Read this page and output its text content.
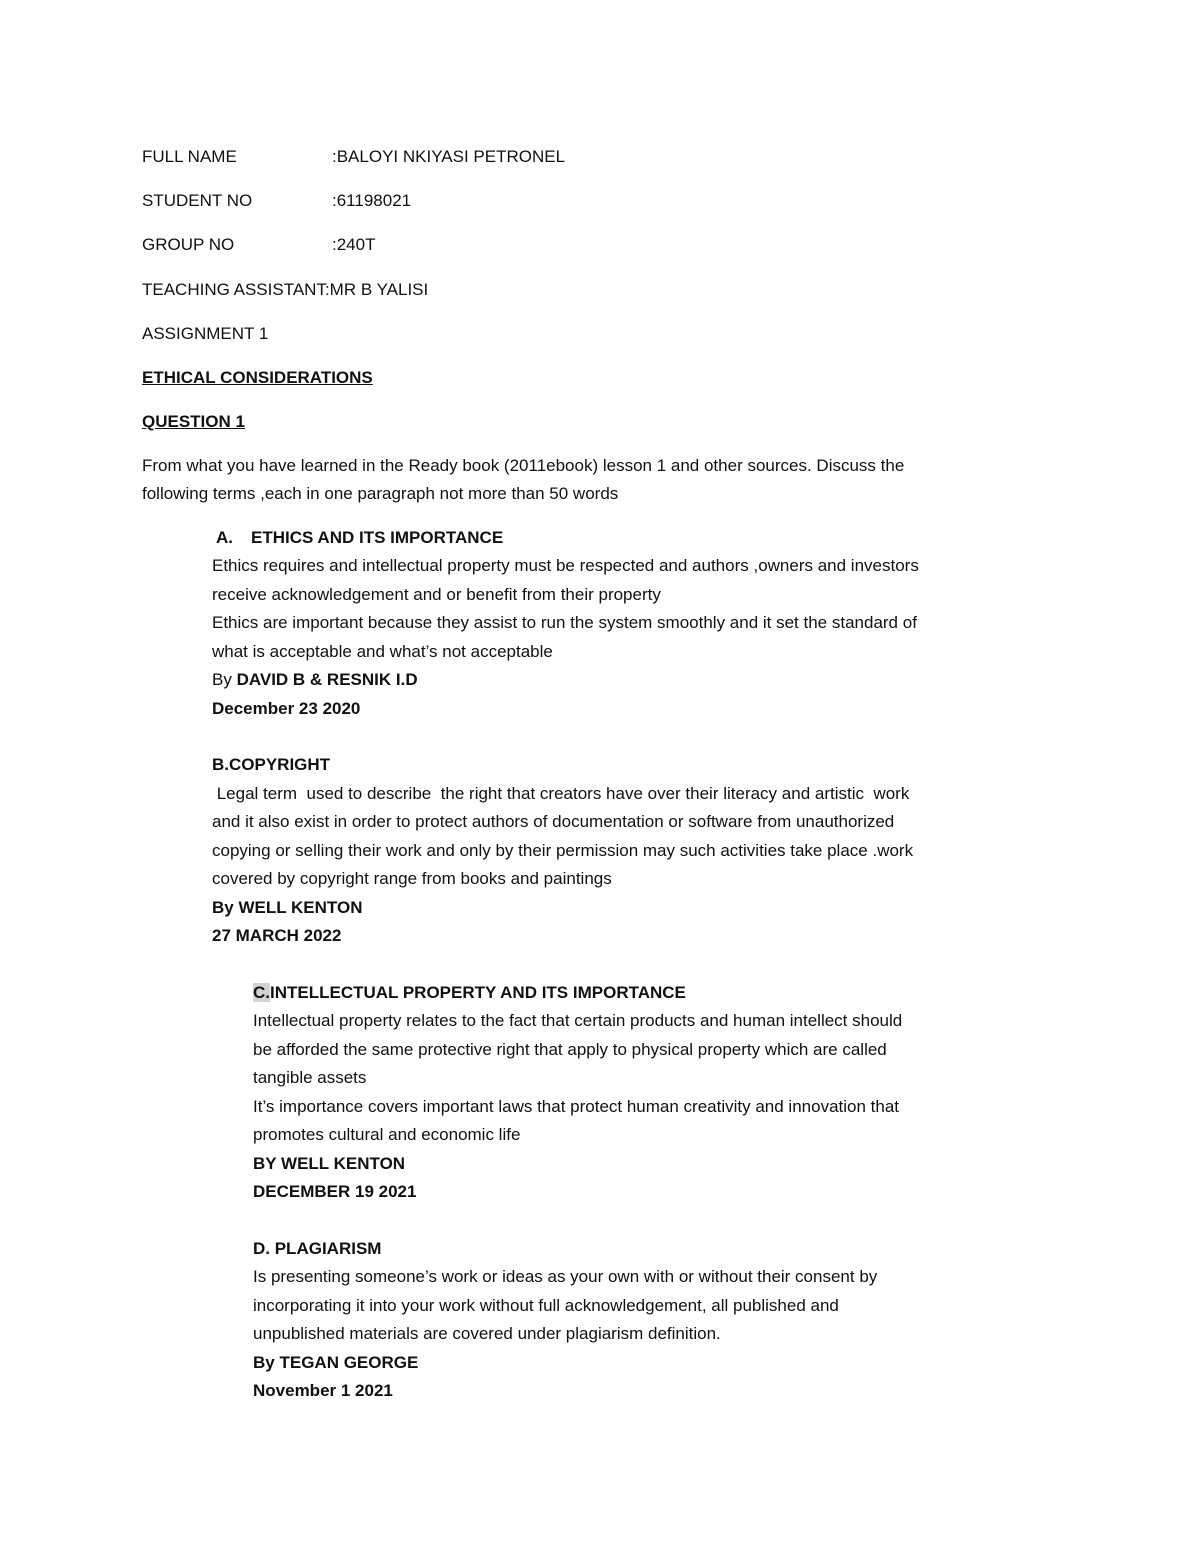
FULL NAME	:BALOYI NKIYASI PETRONEL
STUDENT NO	:61198021
GROUP NO	:240T
TEACHING ASSISTANT:MR B YALISI
ASSIGNMENT 1
ETHICAL CONSIDERATIONS
QUESTION 1
From what you have learned in the Ready book (2011ebook) lesson 1 and other sources. Discuss the
following terms ,each in one paragraph not more than 50 words
A. ETHICS AND ITS IMPORTANCE
Ethics requires and intellectual property must be respected and authors ,owners and investors
receive acknowledgement and or benefit from their property
Ethics are important because they assist to run the system smoothly and it set the standard of
what is acceptable and what’s not acceptable
By DAVID B & RESNIK I.D
December 23 2020
B.COPYRIGHT
Legal term  used to describe  the right that creators have over their literacy and artistic  work
and it also exist in order to protect authors of documentation or software from unauthorized
copying or selling their work and only by their permission may such activities take place .work
covered by copyright range from books and paintings
By WELL KENTON
27 MARCH 2022
C.INTELLECTUAL PROPERTY AND ITS IMPORTANCE
Intellectual property relates to the fact that certain products and human intellect should
be afforded the same protective right that apply to physical property which are called
tangible assets
It’s importance covers important laws that protect human creativity and innovation that
promotes cultural and economic life
BY WELL KENTON
DECEMBER 19 2021
D. PLAGIARISM
Is presenting someone’s work or ideas as your own with or without their consent by
incorporating it into your work without full acknowledgement, all published and
unpublished materials are covered under plagiarism definition.
By TEGAN GEORGE
November 1 2021
